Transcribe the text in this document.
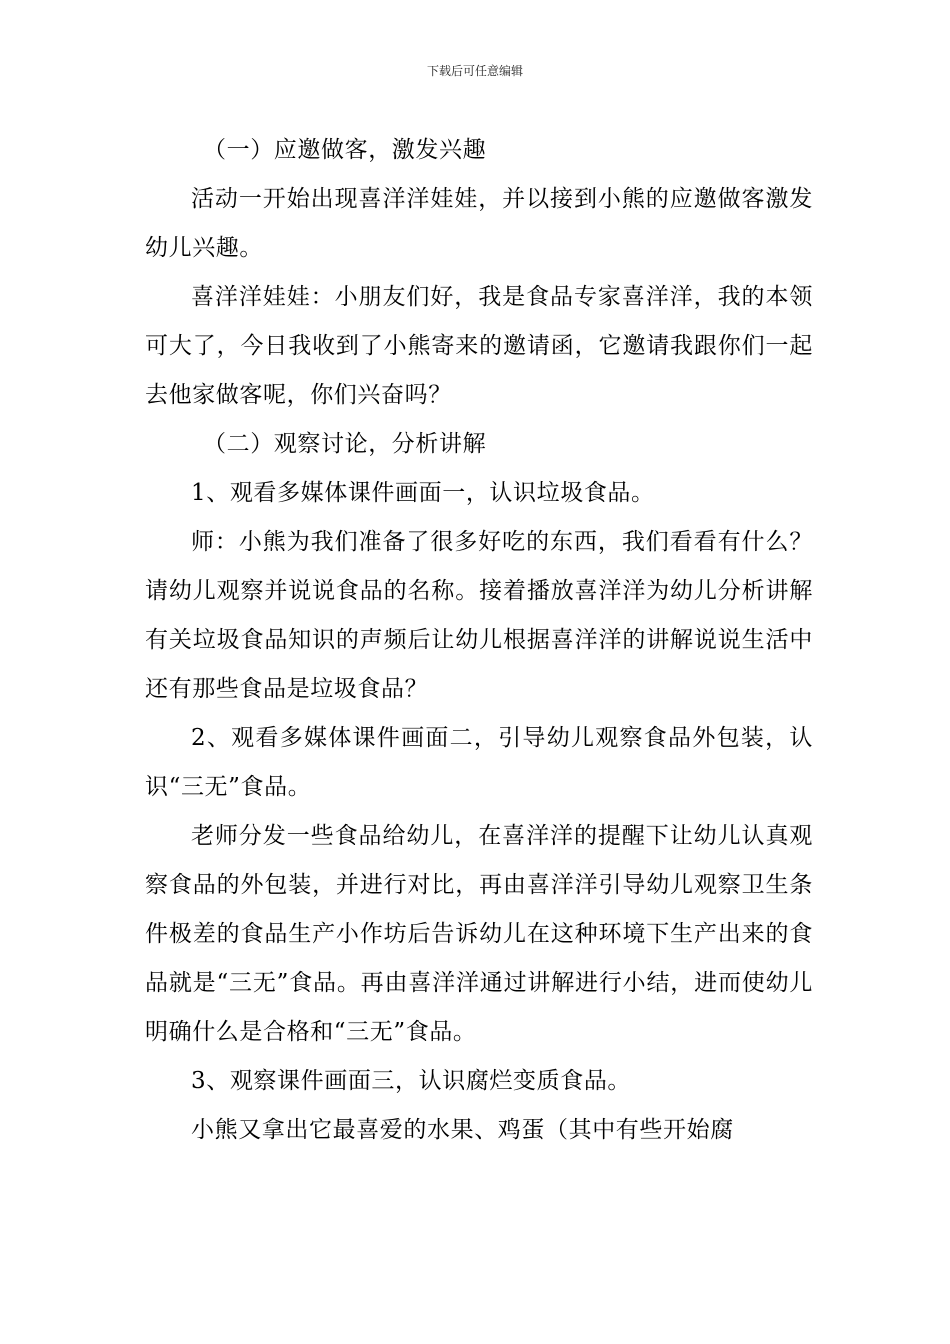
下载后可任意编辑

（一）应邀做客，激发兴趣

活动一开始出现喜洋洋娃娃，并以接到小熊的应邀做客激发幼儿兴趣。

喜洋洋娃娃：小朋友们好，我是食品专家喜洋洋，我的本领可大了，今日我收到了小熊寄来的邀请函，它邀请我跟你们一起去他家做客呢，你们兴奋吗？

（二）观察讨论，分析讲解

1、观看多媒体课件画面一，认识垃圾食品。

师：小熊为我们准备了很多好吃的东西，我们看看有什么？请幼儿观察并说说食品的名称。接着播放喜洋洋为幼儿分析讲解有关垃圾食品知识的声频后让幼儿根据喜洋洋的讲解说说生活中还有那些食品是垃圾食品？

2、观看多媒体课件画面二，引导幼儿观察食品外包装，认识“三无”食品。

老师分发一些食品给幼儿，在喜洋洋的提醒下让幼儿认真观察食品的外包装，并进行对比，再由喜洋洋引导幼儿观察卫生条件极差的食品生产小作坊后告诉幼儿在这种环境下生产出来的食品就是“三无”食品。再由喜洋洋通过讲解进行小结，进而使幼儿明确什么是合格和“三无”食品。

3、观察课件画面三，认识腐烂变质食品。

小熊又拿出它最喜爱的水果、鸡蛋（其中有些开始腐
